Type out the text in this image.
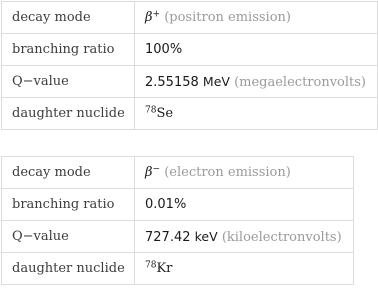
decay mode	β+ (positron emission)
branching ratio	100%
Q−value	2.55158 MeV (megaelectronvolts)
daughter nuclide	$^{78}$Se
decay mode	β− (electron emission)
branching ratio	0.01%
Q−value	727.42 keV (kiloelectronvolts)
daughter nuclide	$^{78}$Kr
